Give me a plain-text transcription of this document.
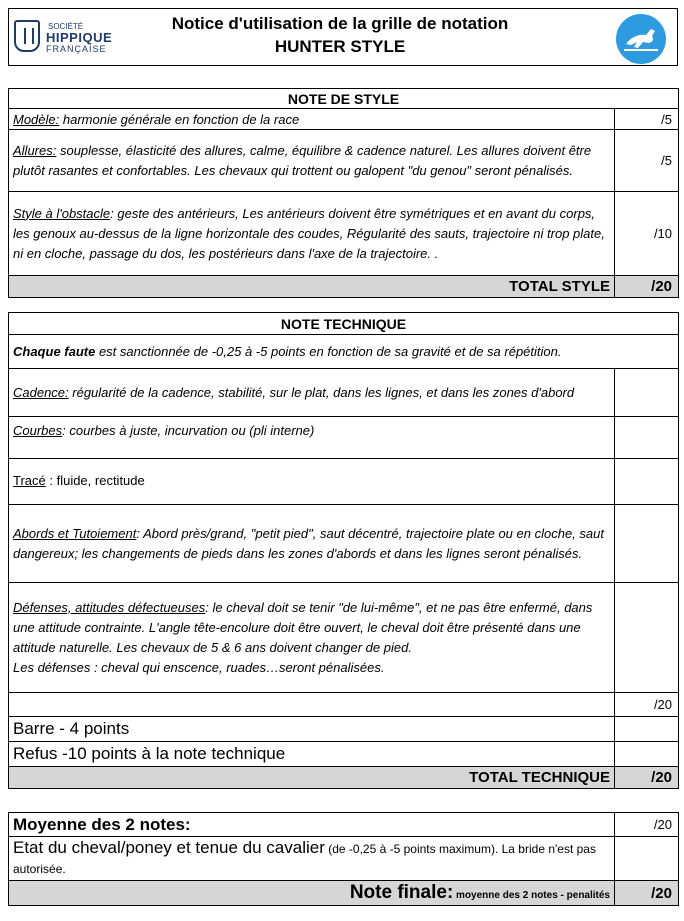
SOCIÉTÉ
HIPPIQUE
FRANÇAISE
Notice d'utilisation de la grille de notation
HUNTER STYLE
NOTE DE STYLE	
Modèle: harmonie générale en fonction de la race	/5
Allures: souplesse, élasticité des allures, calme, équilibre & cadence naturel. Les allures doivent être plutôt rasantes et confortables. Les chevaux qui trottent ou galopent "du genou" seront pénalisés.	/5
Style à l'obstacle: geste des antérieurs, Les antérieurs doivent être symétriques et en avant du corps, les genoux au-dessus de la ligne horizontale des coudes, Régularité des sauts, trajectoire ni trop plate, ni en cloche, passage du dos, les postérieurs dans l'axe de la trajectoire. .	/10
TOTAL STYLE	/20
NOTE TECHNIQUE	
Chaque faute est sanctionnée de -0,25 à -5 points en fonction de sa gravité et de sa répétition.	
Cadence: régularité de la cadence, stabilité, sur le plat, dans les lignes, et dans les zones d'abord	
Courbes: courbes à juste, incurvation ou (pli interne)	
Tracé : fluide, rectitude	
Abords et Tutoiement: Abord près/grand, "petit pied", saut décentré, trajectoire plate ou en cloche, saut dangereux; les changements de pieds dans les zones d'abords et dans les lignes seront pénalisés.	
Défenses, attitudes défectueuses: le cheval doit se tenir "de lui-même", et ne pas être enfermé, dans une attitude contrainte. L'angle tête-encolure doit être ouvert, le cheval doit être présenté dans une attitude naturelle. Les chevaux de 5 & 6 ans doivent changer de pied.
Les défenses : cheval qui enscence, ruades…seront pénalisées.	
	/20
Barre - 4 points	
Refus -10 points à la note technique	
TOTAL TECHNIQUE	/20
Moyenne des 2 notes:	/20
Etat du cheval/poney et tenue du cavalier (de -0,25 à -5 points maximum). La bride n'est pas autorisée.	
Note finale: moyenne des 2 notes - penalités	/20
